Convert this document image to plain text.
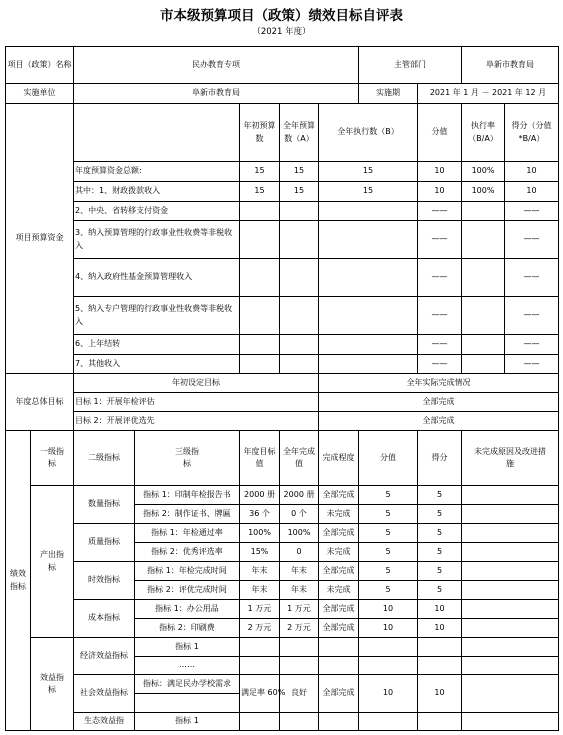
市本级预算项目（政策）绩效目标自评表
（2021 年度）
项目（政策）名称		民办教育专项					主管部门		阜新市教育局	
实施单位		阜新市教育局					实施期	2021 年 1 月 － 2021 年 12 月		
项目预算资金				年初预算数	全年预算数（A）	全年执行数（B）		分值	执行率（B/A）	得分（分值*B/A）
		年度预算资金总额:		15	15	15		10	100%	10
		其中：1、财政拨款收入		15	15	15		10	100%	10
		2、中央、省转移支付资金						——		——
		3、纳入预算管理的行政事业性收费等非税收入						——		——
		4、纳入政府性基金预算管理收入						——		——
		5、纳入专户管理的行政事业性收费等非税收入						——		——
		6、上年结转						——		——
		7、其他收入						——		——
年度总体目标		年初设定目标				全年实际完成情况				
		目标 1：开展年检评估				全部完成				
		目标 2：开展评优选先				全部完成				
绩效指标	一级指标	二级指标	三级指标	年度目标值	全年完成值	完成程度	分值	得分	未完成原因及改进措施	
	产出指标	数量指标	指标 1：印制年检报告书	2000 册	2000 册	全部完成	5	5		
			指标 2：制作证书、牌匾	36 个	0 个	未完成	5	5		
		质量指标	指标 1：年检通过率	100%	100%	全部完成	5	5		
			指标 2：优秀评选率	15%	0	未完成	5	5		
		时效指标	指标 1：年检完成时间	年末	年末	全部完成	5	5		
			指标 2：评优完成时间	年末	年末	未完成	5	5		
		成本指标	指标 1：办公用品	1 万元	1 万元	全部完成	10	10		
			指标 2：印刷费	2 万元	2 万元	全部完成	10	10		
	效益指标	经济效益指标	指标 1							
			……							
		社会效益指标	指标：满足民办学校需求	满足率 60%	良好	全部完成	10	10		

		生态效益指	指标 1							
